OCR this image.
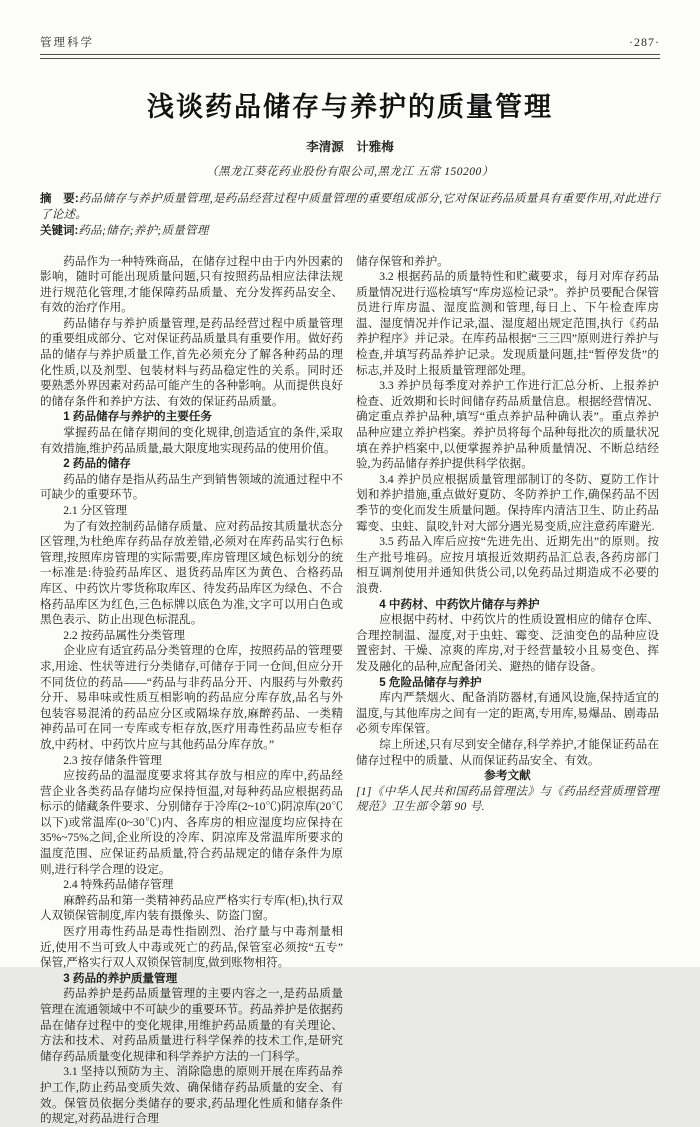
管理科学	·287·
浅谈药品储存与养护的质量管理
李清源　计雅梅
（黑龙江葵花药业股份有限公司,黑龙江 五常 150200）
摘　要:药品储存与养护质量管理,是药品经营过程中质量管理的重要组成部分,它对保证药品质量具有重要作用,对此进行了论述。
关键词:药品;储存;养护;质量管理

药品作为一种特殊商品，在储存过程中由于内外因素的影响，随时可能出现质量问题,只有按照药品相应法律法规进行规范化管理,才能保障药品质量、充分发挥药品安全、有效的治疗作用。

药品储存与养护质量管理,是药品经营过程中质量管理的重要组成部分、它对保证药品质量具有重要作用。做好药品的储存与养护质量工作,首先必须充分了解各种药品的理化性质,以及剂型、包装材料与药品稳定性的关系。同时还要熟悉外界因素对药品可能产生的各种影响。从而提供良好的储存条件和养护方法、有效的保证药品质量。

1 药品储存与养护的主要任务

掌握药品在储存期间的变化规律,创造适宜的条件,采取有效措施,维护药品质量,最大限度地实现药品的使用价值。

2 药品的储存

药品的储存是指从药品生产到销售领域的流通过程中不可缺少的重要环节。

2.1 分区管理

为了有效控制药品储存质量、应对药品按其质量状态分区管理,为杜绝库存药品存放差错,必须对在库药品实行色标管理,按照库房管理的实际需要,库房管理区域色标划分的统一标准是:待验药品库区、退货药品库区为黄色、合格药品库区、中药饮片零货称取库区、待发药品库区为绿色、不合格药品库区为红色,三色标牌以底色为准,文字可以用白色或黑色表示、防止出现色标混乱。

2.2 按药品属性分类管理

企业应有适宜药品分类管理的仓库，按照药品的管理要求,用途、性状等进行分类储存,可储存于同一仓间,但应分开不同货位的药品——“药品与非药品分开、内服药与外敷药分开、易串味或性质互相影响的药品应分库存放,品名与外包装容易混淆的药品应分区或隔垛存放,麻醉药品、一类精神药品可在同一专库或专柜存放,医疗用毒性药品应专柜存放,中药材、中药饮片应与其他药品分库存放。”

2.3 按存储条件管理

应按药品的温湿度要求将其存放与相应的库中,药品经营企业各类药品存储均应保持恒温,对每种药品应根据药品标示的储藏条件要求、分别储存于冷库(2~10℃)阴凉库(20℃以下)或常温库(0~30℃)内、各库房的相应湿度均应保持在 35%~75%之间,企业所设的冷库、阴凉库及常温库所要求的温度范围、应保证药品质量,符合药品规定的储存条件为原则,进行科学合理的设定。

2.4 特殊药品储存管理

麻醉药品和第一类精神药品应严格实行专库(柜),执行双人双锁保管制度,库内装有摄像头、防盗门窗。

医疗用毒性药品是毒性指剧烈、治疗量与中毒剂量相近,使用不当可致人中毒或死亡的药品,保管室必须按“五专”保管,严格实行双人双锁保管制度,做到账物相符。

3 药品的养护质量管理

药品养护是药品质量管理的主要内容之一,是药品质量管理在流通领域中不可缺少的重要环节。药品养护是依据药品在储存过程中的变化规律,用维护药品质量的有关理论、方法和技术、对药品质量进行科学保养的技术工作,是研究储存药品质量变化规律和科学养护方法的一门科学。

3.1 坚持以预防为主、消除隐患的原则开展在库药品养护工作,防止药品变质失效、确保储存药品质量的安全、有效。保管员依据分类储存的要求,药品理化性质和储存条件的规定,对药品进行合理

储存保管和养护。

3.2 根据药品的质量特性和贮藏要求，每月对库存药品质量情况进行巡检填写“库房巡检记录”。养护员要配合保管员进行库房温、湿度监测和管理,每日上、下午检查库房温、湿度情况并作记录,温、湿度超出规定范围,执行《药品养护程序》并记录。在库药品根据“三三四”原则进行养护与检查,并填写药品养护记录。发现质量问题,挂“暂停发货”的标志,并及时上报质量管理部处理。

3.3 养护员每季度对养护工作进行汇总分析、上报养护检查、近效期和长时间储存药品质量信息。根据经营情况、确定重点养护品种,填写“重点养护品种确认表”。重点养护品种应建立养护档案。养护员将每个品种每批次的质量状况填在养护档案中,以便掌握养护品种质量情况、不断总结经验,为药品储存养护提供科学依据。

3.4 养护员应根据质量管理部制订的冬防、夏防工作计划和养护措施,重点做好夏防、冬防养护工作,确保药品不因季节的变化而发生质量问题。保持库内清洁卫生、防止药品霉变、虫蛀、鼠咬,针对大部分遇光易变质,应注意药库避光.

3.5 药品入库后应按“先进先出、近期先出”的原则。按生产批号堆码。应按月填报近效期药品汇总表,各药房部门相互调剂使用并通知供货公司,以免药品过期造成不必要的浪费.

4 中药材、中药饮片储存与养护

应根据中药材、中药饮片的性质设置相应的储存仓库、合理控制温、湿度,对于虫蛀、霉变、泛油变色的品种应设置密封、干燥、凉爽的库房,对于经营量较小且易变色、挥发及融化的品种,应配备闭关、避热的储存设备。

5 危险品储存与养护

库内严禁烟火、配备消防器材,有通风设施,保持适宜的温度,与其他库房之间有一定的距离,专用库,易爆品、剧毒品必须专库保管。

综上所述,只有尽到安全储存,科学养护,才能保证药品在储存过程中的质量、从而保证药品安全、有效。

参考文献

[1]《中华人民共和国药品管理法》与《药品经营质理管理规范》卫生部令第 90 号.
